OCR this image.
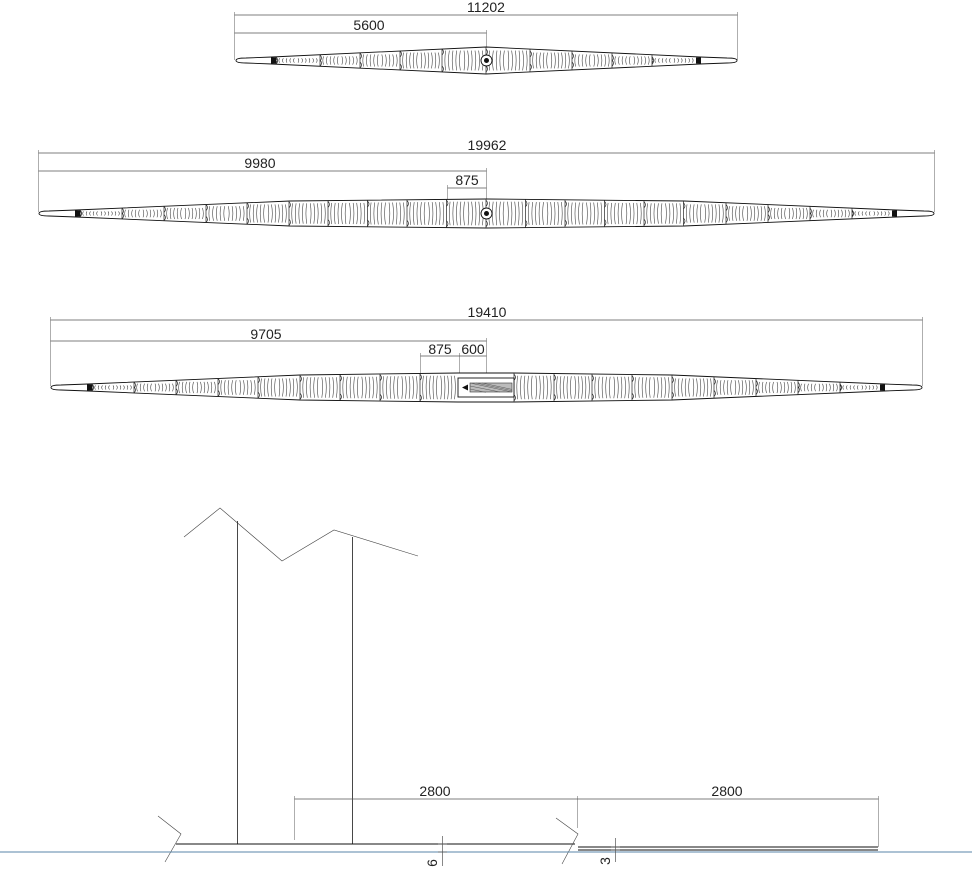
11202
5600
19962
9980
875
19410
9705
875 600
2800	2800
6	3
